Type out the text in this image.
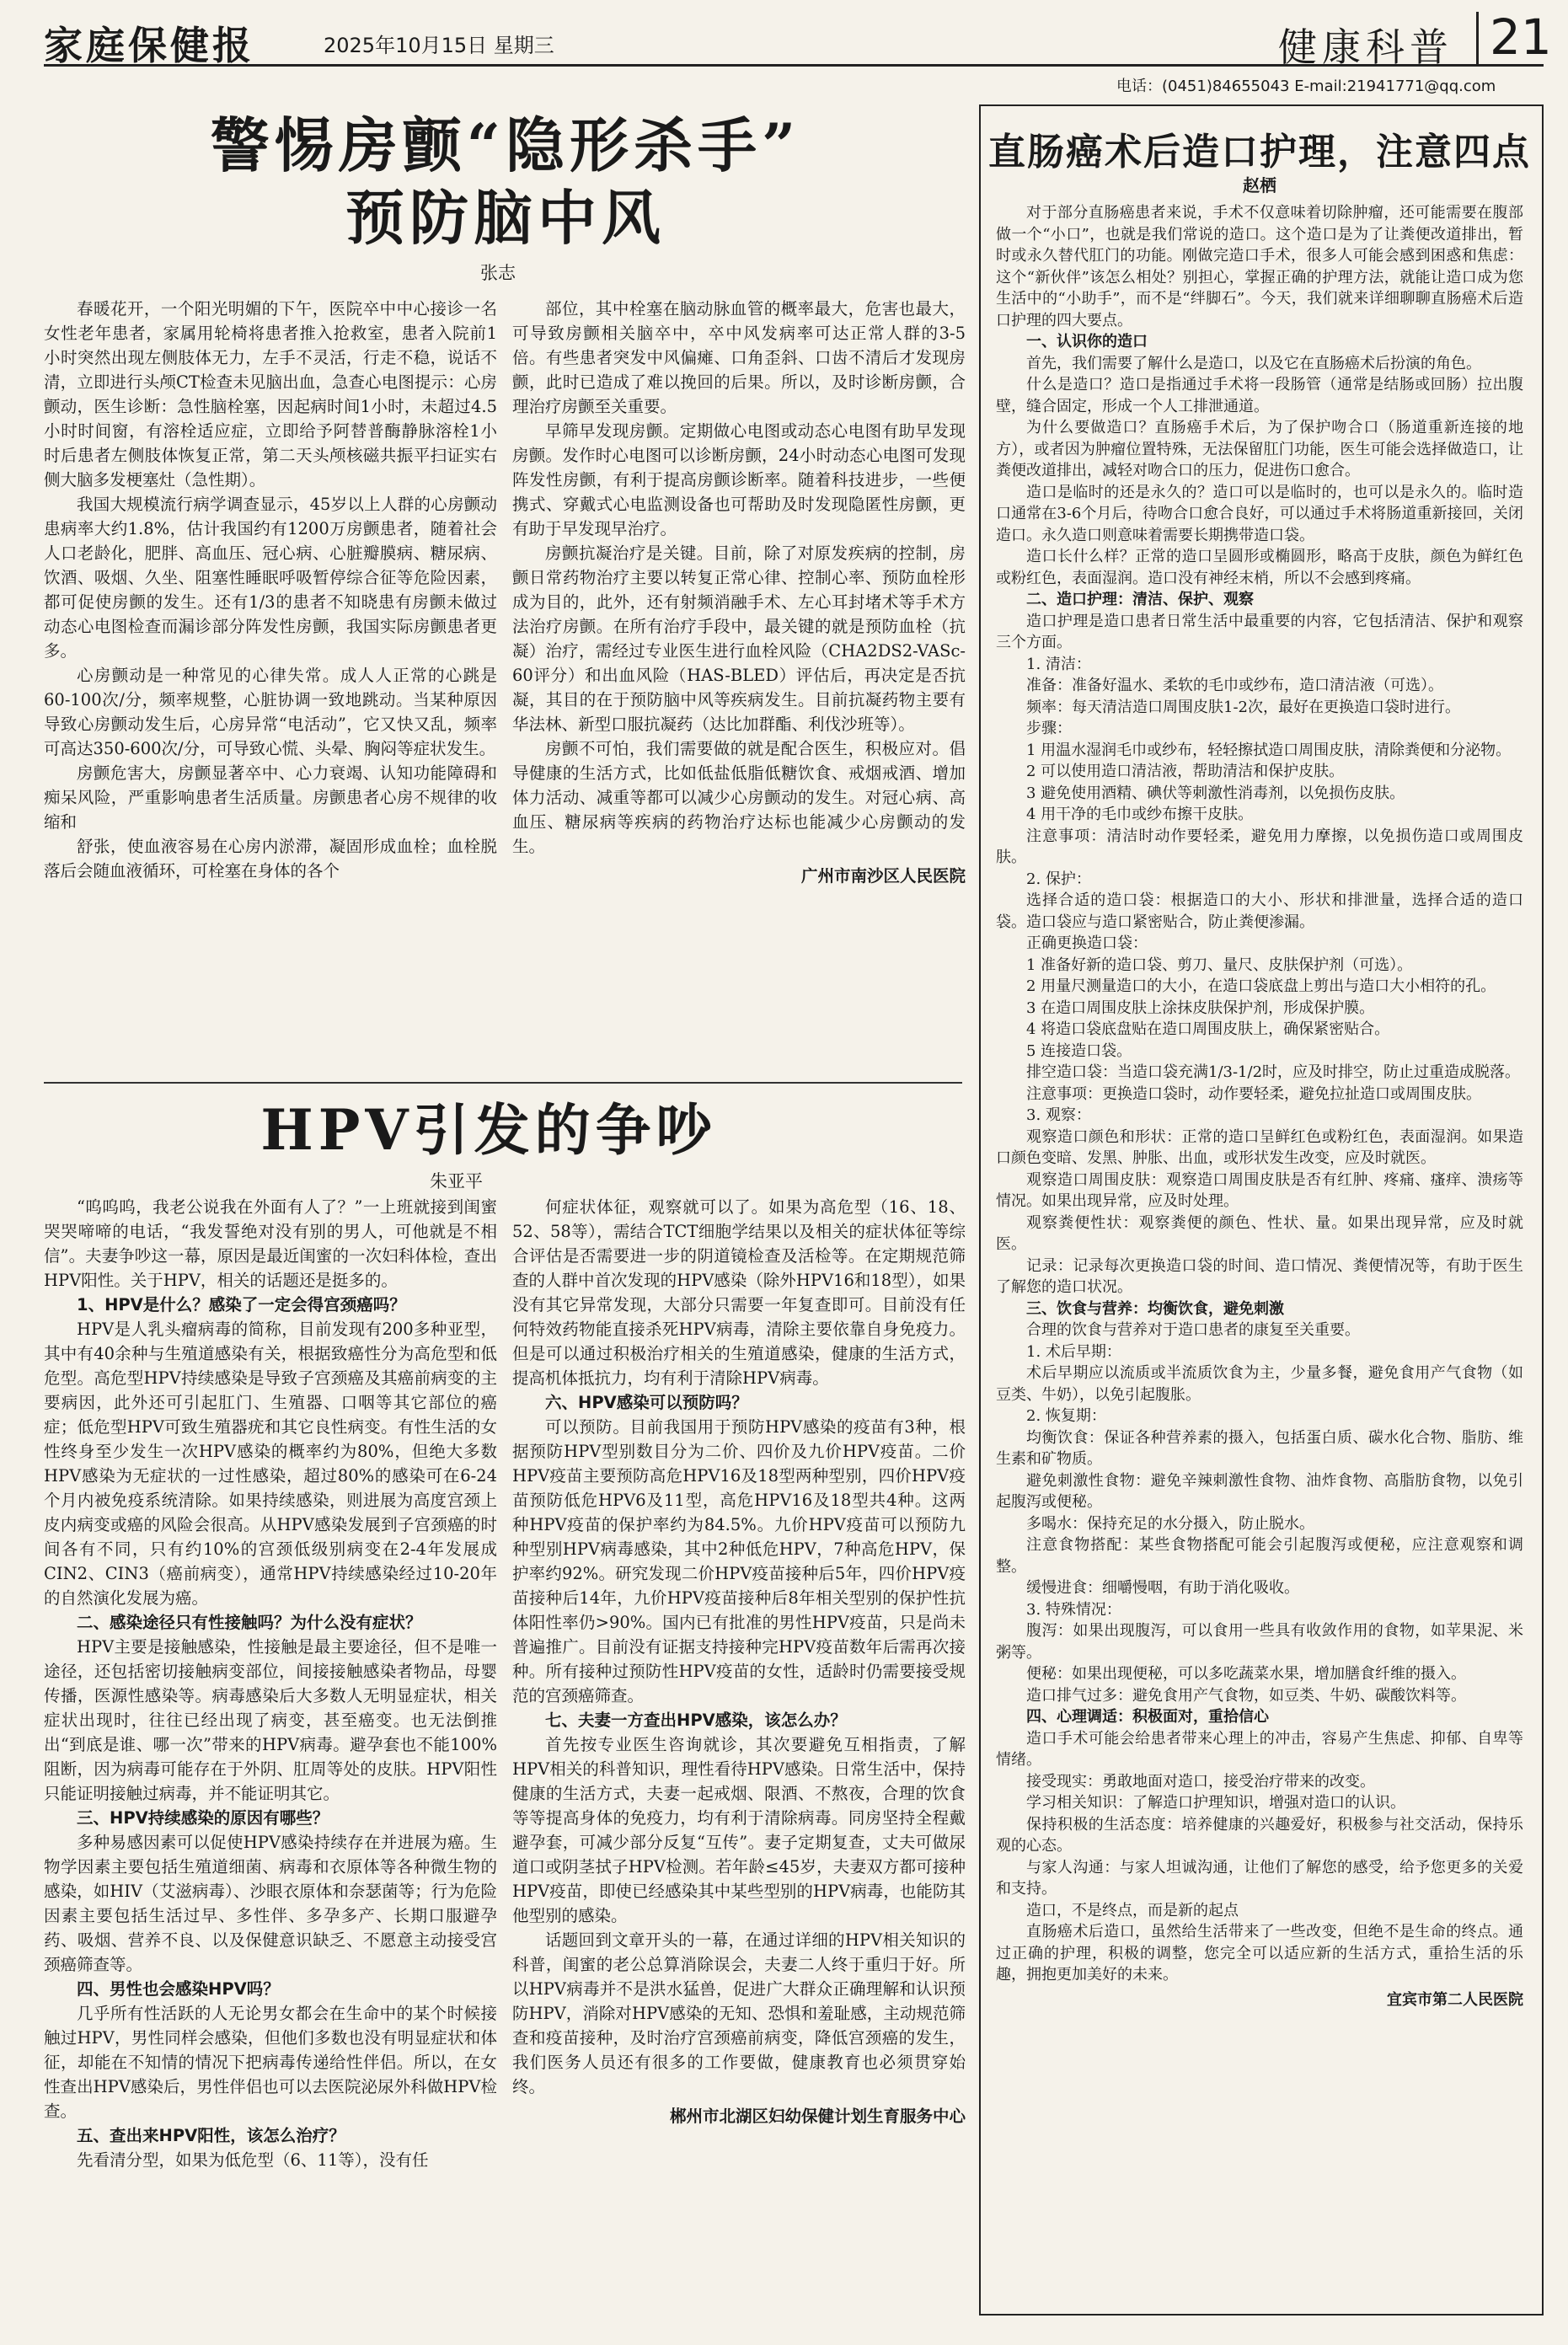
家庭保健报	2025年10月15日 星期三	健康科普 21
电话：(0451)84655043 E-mail:21941771@qq.com
警惕房颤“隐形杀手”
预防脑中风
张志

春暖花开，一个阳光明媚的下午，医院卒中中心接诊一名女性老年患者，家属用轮椅将患者推入抢救室，患者入院前1小时突然出现左侧肢体无力，左手不灵活，行走不稳，说话不清，立即进行头颅CT检查未见脑出血，急查心电图提示：心房颤动，医生诊断：急性脑栓塞，因起病时间1小时，未超过4.5小时时间窗，有溶栓适应症，立即给予阿替普酶静脉溶栓1小时后患者左侧肢体恢复正常，第二天头颅核磁共振平扫证实右侧大脑多发梗塞灶（急性期）。

我国大规模流行病学调查显示，45岁以上人群的心房颤动患病率大约1.8%，估计我国约有1200万房颤患者，随着社会人口老龄化，肥胖、高血压、冠心病、心脏瓣膜病、糖尿病、饮酒、吸烟、久坐、阻塞性睡眠呼吸暂停综合征等危险因素，都可促使房颤的发生。还有1/3的患者不知晓患有房颤未做过动态心电图检查而漏诊部分阵发性房颤，我国实际房颤患者更多。

心房颤动是一种常见的心律失常。成人人正常的心跳是60-100次/分，频率规整，心脏协调一致地跳动。当某种原因导致心房颤动发生后，心房异常“电活动”，它又快又乱，频率可高达350-600次/分，可导致心慌、头晕、胸闷等症状发生。

房颤危害大，房颤显著卒中、心力衰竭、认知功能障碍和痴呆风险，严重影响患者生活质量。房颤患者心房不规律的收缩和

舒张，使血液容易在心房内淤滞，凝固形成血栓；血栓脱落后会随血液循环，可栓塞在身体的各个

部位，其中栓塞在脑动脉血管的概率最大，危害也最大，可导致房颤相关脑卒中，卒中风发病率可达正常人群的3-5倍。有些患者突发中风偏瘫、口角歪斜、口齿不清后才发现房颤，此时已造成了难以挽回的后果。所以，及时诊断房颤，合理治疗房颤至关重要。

早筛早发现房颤。定期做心电图或动态心电图有助早发现房颤。发作时心电图可以诊断房颤，24小时动态心电图可发现阵发性房颤，有利于提高房颤诊断率。随着科技进步，一些便携式、穿戴式心电监测设备也可帮助及时发现隐匿性房颤，更有助于早发现早治疗。

房颤抗凝治疗是关键。目前，除了对原发疾病的控制，房颤日常药物治疗主要以转复正常心律、控制心率、预防血栓形成为目的，此外，还有射频消融手术、左心耳封堵术等手术方法治疗房颤。在所有治疗手段中，最关键的就是预防血栓（抗凝）治疗，需经过专业医生进行血栓风险（CHA2DS2-VASc-60评分）和出血风险（HAS-BLED）评估后，再决定是否抗凝，其目的在于预防脑中风等疾病发生。目前抗凝药物主要有华法林、新型口服抗凝药（达比加群酯、利伐沙班等）。

房颤不可怕，我们需要做的就是配合医生，积极应对。倡导健康的生活方式，比如低盐低脂低糖饮食、戒烟戒酒、增加体力活动、减重等都可以减少心房颤动的发生。对冠心病、高血压、糖尿病等疾病的药物治疗达标也能减少心房颤动的发生。

广州市南沙区人民医院

HPV引发的争吵
朱亚平

“呜呜呜，我老公说我在外面有人了？”一上班就接到闺蜜哭哭啼啼的电话，“我发誓绝对没有别的男人，可他就是不相信”。夫妻争吵这一幕，原因是最近闺蜜的一次妇科体检，查出HPV阳性。关于HPV，相关的话题还是挺多的。

1、HPV是什么？感染了一定会得宫颈癌吗？

HPV是人乳头瘤病毒的简称，目前发现有200多种亚型，其中有40余种与生殖道感染有关，根据致癌性分为高危型和低危型。高危型HPV持续感染是导致子宫颈癌及其癌前病变的主要病因，此外还可引起肛门、生殖器、口咽等其它部位的癌症；低危型HPV可致生殖器疣和其它良性病变。有性生活的女性终身至少发生一次HPV感染的概率约为80%，但绝大多数HPV感染为无症状的一过性感染，超过80%的感染可在6-24个月内被免疫系统清除。如果持续感染，则进展为高度宫颈上皮内病变或癌的风险会很高。从HPV感染发展到子宫颈癌的时间各有不同，只有约10%的宫颈低级别病变在2-4年发展成CIN2、CIN3（癌前病变），通常HPV持续感染经过10-20年的自然演化发展为癌。

二、感染途径只有性接触吗？为什么没有症状？

HPV主要是接触感染，性接触是最主要途径，但不是唯一途径，还包括密切接触病变部位，间接接触感染者物品，母婴传播，医源性感染等。病毒感染后大多数人无明显症状，相关症状出现时，往往已经出现了病变，甚至癌变。也无法倒推出“到底是谁、哪一次”带来的HPV病毒。避孕套也不能100%阻断，因为病毒可能存在于外阴、肛周等处的皮肤。HPV阳性只能证明接触过病毒，并不能证明其它。

三、HPV持续感染的原因有哪些？

多种易感因素可以促使HPV感染持续存在并进展为癌。生物学因素主要包括生殖道细菌、病毒和衣原体等各种微生物的感染，如HIV（艾滋病毒）、沙眼衣原体和奈瑟菌等；行为危险因素主要包括生活过早、多性伴、多孕多产、长期口服避孕药、吸烟、营养不良、以及保健意识缺乏、不愿意主动接受宫颈癌筛查等。

四、男性也会感染HPV吗？

几乎所有性活跃的人无论男女都会在生命中的某个时候接触过HPV，男性同样会感染，但他们多数也没有明显症状和体征，却能在不知情的情况下把病毒传递给性伴侣。所以，在女性查出HPV感染后，男性伴侣也可以去医院泌尿外科做HPV检查。

五、查出来HPV阳性，该怎么治疗？

先看清分型，如果为低危型（6、11等），没有任

何症状体征，观察就可以了。如果为高危型（16、18、52、58等），需结合TCT细胞学结果以及相关的症状体征等综合评估是否需要进一步的阴道镜检查及活检等。在定期规范筛查的人群中首次发现的HPV感染（除外HPV16和18型），如果没有其它异常发现，大部分只需要一年复查即可。目前没有任何特效药物能直接杀死HPV病毒，清除主要依靠自身免疫力。但是可以通过积极治疗相关的生殖道感染，健康的生活方式，提高机体抵抗力，均有利于清除HPV病毒。

六、HPV感染可以预防吗？

可以预防。目前我国用于预防HPV感染的疫苗有3种，根据预防HPV型别数目分为二价、四价及九价HPV疫苗。二价HPV疫苗主要预防高危HPV16及18型两种型别，四价HPV疫苗预防低危HPV6及11型，高危HPV16及18型共4种。这两种HPV疫苗的保护率约为84.5%。九价HPV疫苗可以预防九种型别HPV病毒感染，其中2种低危HPV，7种高危HPV，保护率约92%。研究发现二价HPV疫苗接种后5年，四价HPV疫苗接种后14年，九价HPV疫苗接种后8年相关型别的保护性抗体阳性率仍>90%。国内已有批准的男性HPV疫苗，只是尚未普遍推广。目前没有证据支持接种完HPV疫苗数年后需再次接种。所有接种过预防性HPV疫苗的女性，适龄时仍需要接受规范的宫颈癌筛查。

七、夫妻一方查出HPV感染，该怎么办？

首先按专业医生咨询就诊，其次要避免互相指责，了解HPV相关的科普知识，理性看待HPV感染。日常生活中，保持健康的生活方式，夫妻一起戒烟、限酒、不熬夜，合理的饮食等等提高身体的免疫力，均有利于清除病毒。同房坚持全程戴避孕套，可减少部分反复“互传”。妻子定期复查，丈夫可做尿道口或阴茎拭子HPV检测。若年龄≤45岁，夫妻双方都可接种HPV疫苗，即使已经感染其中某些型别的HPV病毒，也能防其他型别的感染。

话题回到文章开头的一幕，在通过详细的HPV相关知识的科普，闺蜜的老公总算消除误会，夫妻二人终于重归于好。所以HPV病毒并不是洪水猛兽，促进广大群众正确理解和认识预防HPV，消除对HPV感染的无知、恐惧和羞耻感，主动规范筛查和疫苗接种，及时治疗宫颈癌前病变，降低宫颈癌的发生，我们医务人员还有很多的工作要做，健康教育也必须贯穿始终。

郴州市北湖区妇幼保健计划生育服务中心

直肠癌术后造口护理，注意四点
赵栖

对于部分直肠癌患者来说，手术不仅意味着切除肿瘤，还可能需要在腹部做一个“小口”，也就是我们常说的造口。这个造口是为了让粪便改道排出，暂时或永久替代肛门的功能。刚做完造口手术，很多人可能会感到困惑和焦虑：这个“新伙伴”该怎么相处？别担心，掌握正确的护理方法，就能让造口成为您生活中的“小助手”，而不是“绊脚石”。今天，我们就来详细聊聊直肠癌术后造口护理的四大要点。

一、认识你的造口

首先，我们需要了解什么是造口，以及它在直肠癌术后扮演的角色。

什么是造口？造口是指通过手术将一段肠管（通常是结肠或回肠）拉出腹壁，缝合固定，形成一个人工排泄通道。

为什么要做造口？直肠癌手术后，为了保护吻合口（肠道重新连接的地方），或者因为肿瘤位置特殊，无法保留肛门功能，医生可能会选择做造口，让粪便改道排出，减轻对吻合口的压力，促进伤口愈合。

造口是临时的还是永久的？造口可以是临时的，也可以是永久的。临时造口通常在3-6个月后，待吻合口愈合良好，可以通过手术将肠道重新接回，关闭造口。永久造口则意味着需要长期携带造口袋。

造口长什么样？正常的造口呈圆形或椭圆形，略高于皮肤，颜色为鲜红色或粉红色，表面湿润。造口没有神经末梢，所以不会感到疼痛。

二、造口护理：清洁、保护、观察

造口护理是造口患者日常生活中最重要的内容，它包括清洁、保护和观察三个方面。

1. 清洁：

准备：准备好温水、柔软的毛巾或纱布，造口清洁液（可选）。

频率：每天清洁造口周围皮肤1-2次，最好在更换造口袋时进行。

步骤：

1 用温水湿润毛巾或纱布，轻轻擦拭造口周围皮肤，清除粪便和分泌物。

2 可以使用造口清洁液，帮助清洁和保护皮肤。

3 避免使用酒精、碘伏等刺激性消毒剂，以免损伤皮肤。

4 用干净的毛巾或纱布擦干皮肤。

注意事项：清洁时动作要轻柔，避免用力摩擦，以免损伤造口或周围皮肤。

2. 保护：

选择合适的造口袋：根据造口的大小、形状和排泄量，选择合适的造口袋。造口袋应与造口紧密贴合，防止粪便渗漏。

正确更换造口袋：

1 准备好新的造口袋、剪刀、量尺、皮肤保护剂（可选）。

2 用量尺测量造口的大小，在造口袋底盘上剪出与造口大小相符的孔。

3 在造口周围皮肤上涂抹皮肤保护剂，形成保护膜。

4 将造口袋底盘贴在造口周围皮肤上，确保紧密贴合。

5 连接造口袋。

排空造口袋：当造口袋充满1/3-1/2时，应及时排空，防止过重造成脱落。

注意事项：更换造口袋时，动作要轻柔，避免拉扯造口或周围皮肤。

3. 观察：

观察造口颜色和形状：正常的造口呈鲜红色或粉红色，表面湿润。如果造口颜色变暗、发黑、肿胀、出血，或形状发生改变，应及时就医。

观察造口周围皮肤：观察造口周围皮肤是否有红肿、疼痛、瘙痒、溃疡等情况。如果出现异常，应及时处理。

观察粪便性状：观察粪便的颜色、性状、量。如果出现异常，应及时就医。

记录：记录每次更换造口袋的时间、造口情况、粪便情况等，有助于医生了解您的造口状况。

三、饮食与营养：均衡饮食，避免刺激

合理的饮食与营养对于造口患者的康复至关重要。

1. 术后早期：

术后早期应以流质或半流质饮食为主，少量多餐，避免食用产气食物（如豆类、牛奶），以免引起腹胀。

2. 恢复期：

均衡饮食：保证各种营养素的摄入，包括蛋白质、碳水化合物、脂肪、维生素和矿物质。

避免刺激性食物：避免辛辣刺激性食物、油炸食物、高脂肪食物，以免引起腹泻或便秘。

多喝水：保持充足的水分摄入，防止脱水。

注意食物搭配：某些食物搭配可能会引起腹泻或便秘，应注意观察和调整。

缓慢进食：细嚼慢咽，有助于消化吸收。

3. 特殊情况：

腹泻：如果出现腹泻，可以食用一些具有收敛作用的食物，如苹果泥、米粥等。

便秘：如果出现便秘，可以多吃蔬菜水果，增加膳食纤维的摄入。

造口排气过多：避免食用产气食物，如豆类、牛奶、碳酸饮料等。

四、心理调适：积极面对，重拾信心

造口手术可能会给患者带来心理上的冲击，容易产生焦虑、抑郁、自卑等情绪。

接受现实：勇敢地面对造口，接受治疗带来的改变。

学习相关知识：了解造口护理知识，增强对造口的认识。

保持积极的生活态度：培养健康的兴趣爱好，积极参与社交活动，保持乐观的心态。

与家人沟通：与家人坦诚沟通，让他们了解您的感受，给予您更多的关爱和支持。

造口，不是终点，而是新的起点

直肠癌术后造口，虽然给生活带来了一些改变，但绝不是生命的终点。通过正确的护理，积极的调整，您完全可以适应新的生活方式，重拾生活的乐趣，拥抱更加美好的未来。

宜宾市第二人民医院
